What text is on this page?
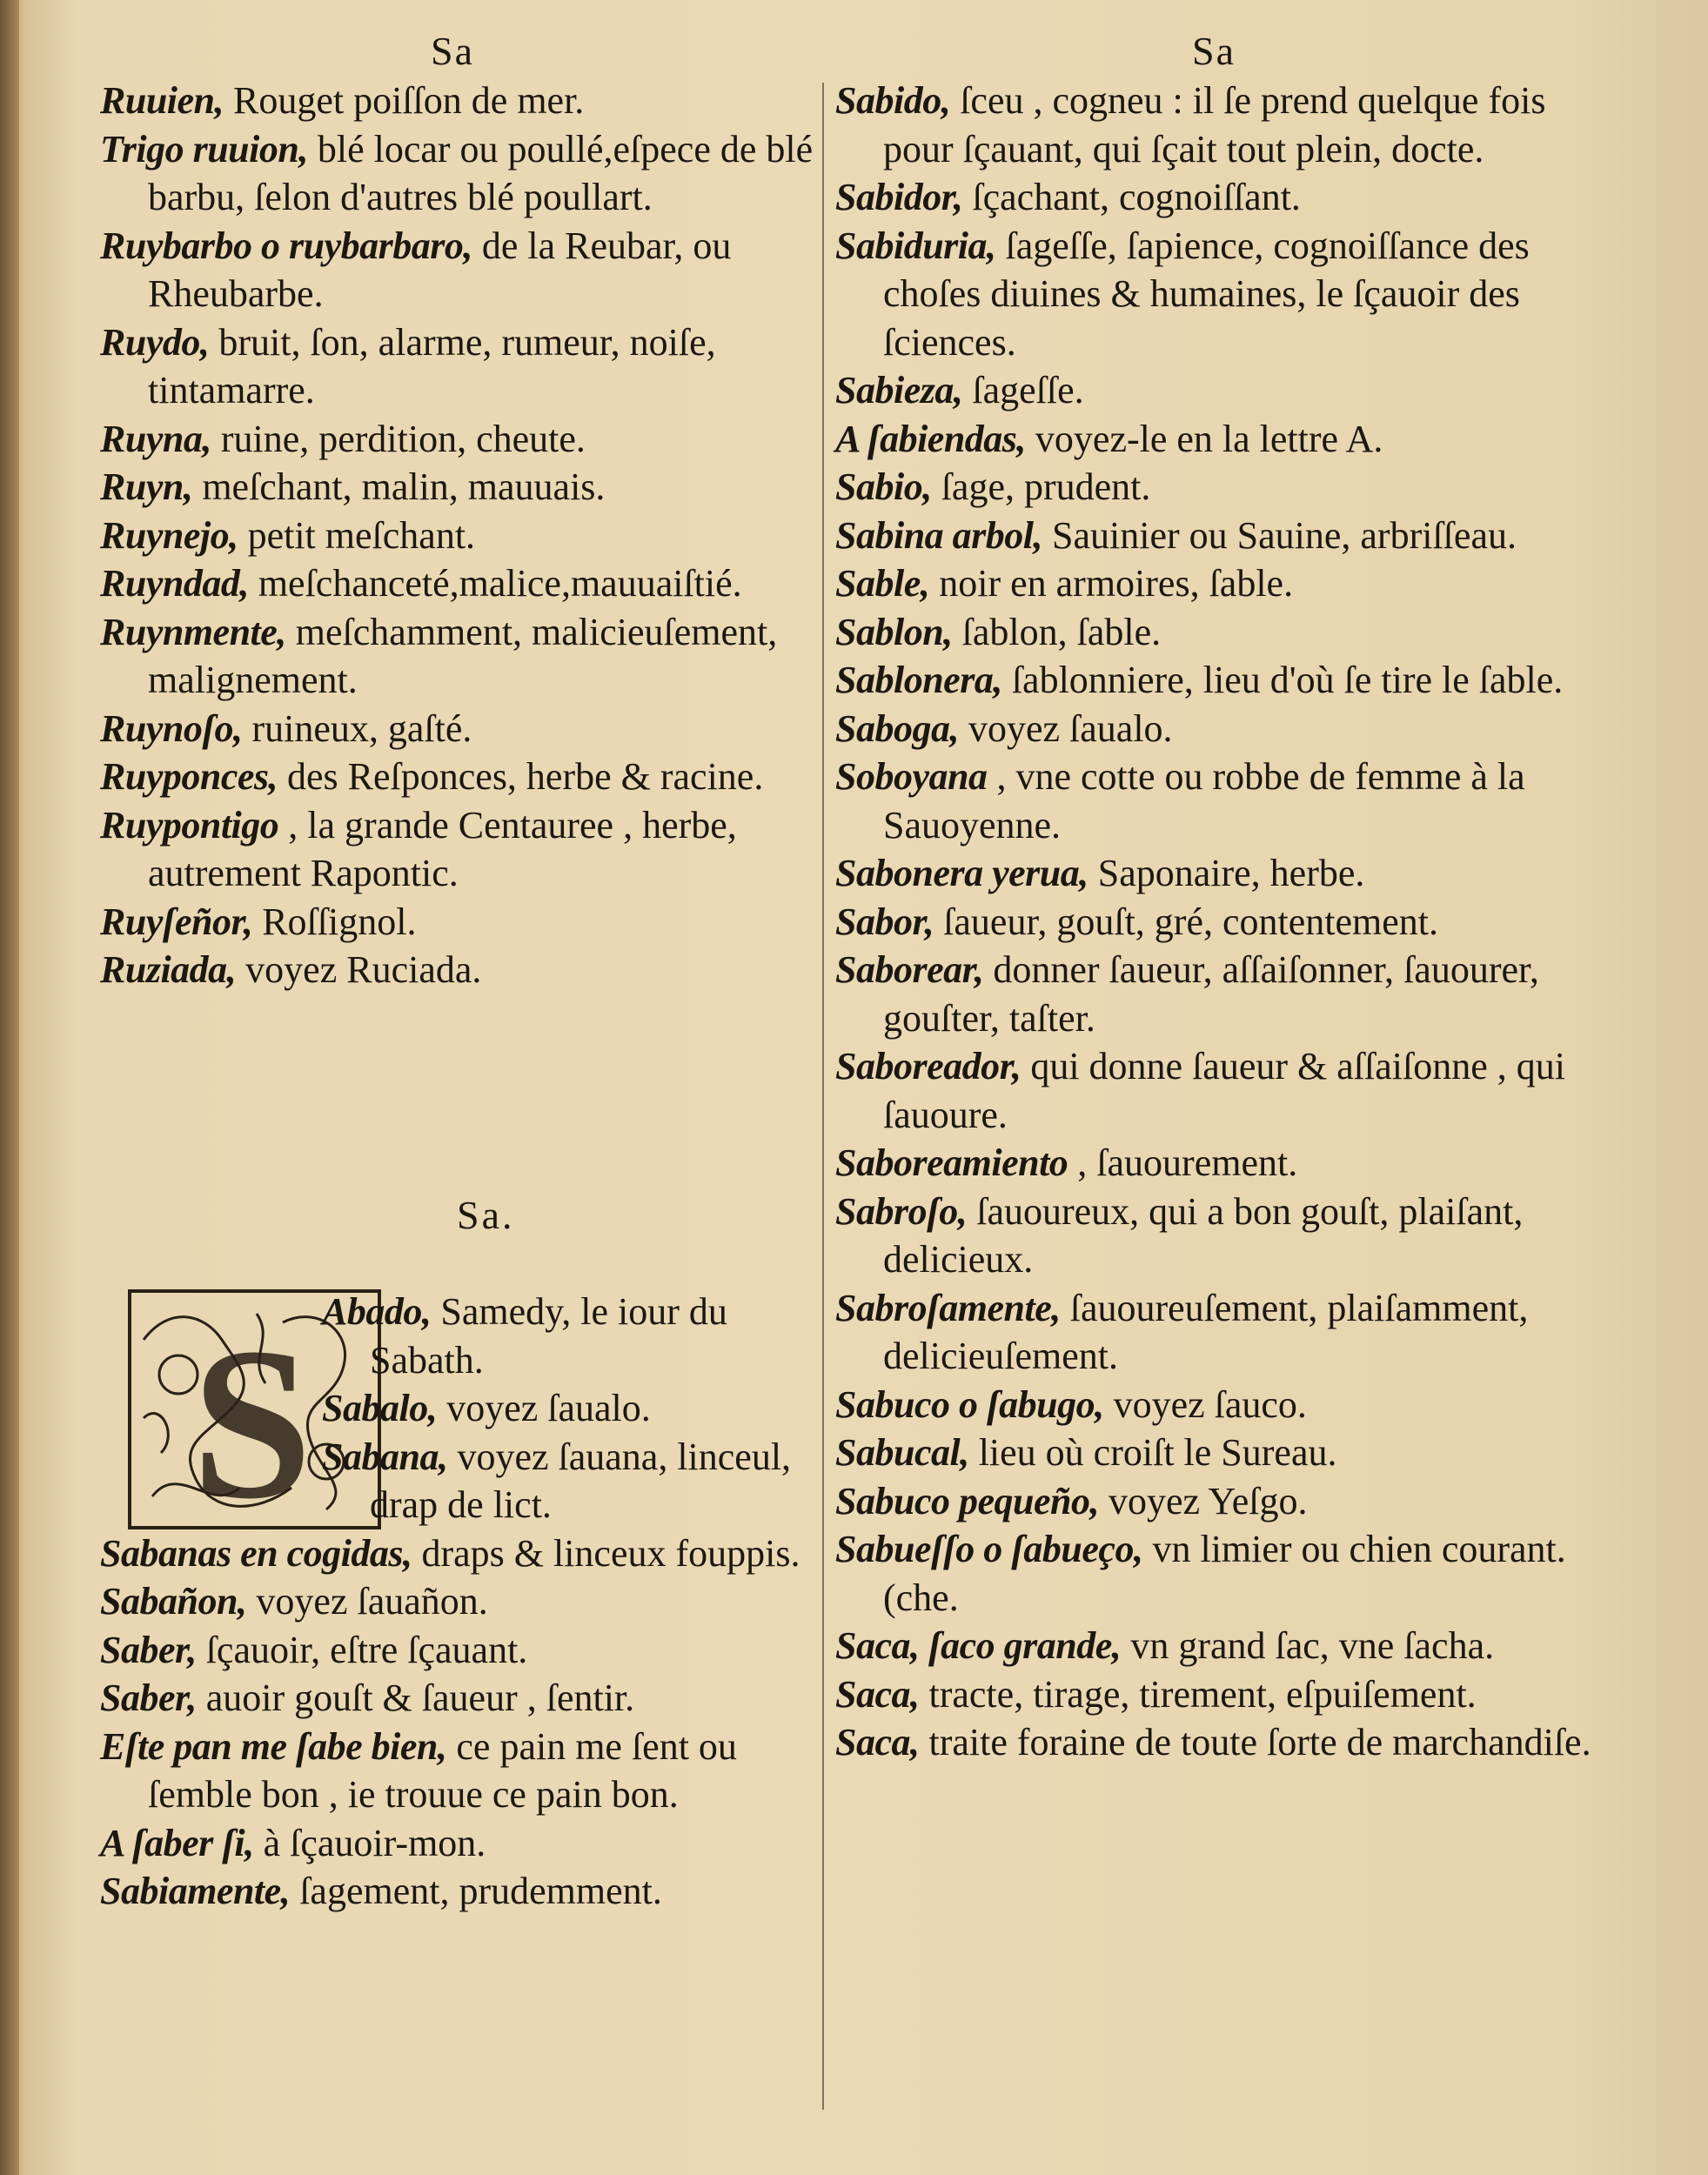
Sa
Ruuien, Rouget poiſſon de mer.
Trigo ruuion, blé locar ou poullé,eſpece de blé barbu, ſelon d'autres blé poullart.
Ruybarbo o ruybarbaro, de la Reubar, ou Rheubarbe.
Ruydo, bruit, ſon, alarme, rumeur, noiſe, tintamarre.
Ruyna, ruine, perdition, cheute.
Ruyn, meſchant, malin, mauuais.
Ruynejo, petit meſchant.
Ruyndad, meſchanceté,malice,mauuaiſtié.
Ruynmente, meſchamment, malicieuſement, malignement.
Ruynoſo, ruineux, gaſté.
Ruyponces, des Reſponces, herbe & racine.
Ruypontigo , la grande Centauree , herbe, autrement Rapontic.
Ruyſeñor, Roſſignol.
Ruziada, voyez Ruciada.
Sa.
S Abado, Samedy, le iour du Sabath.
Sabalo, voyez ſaualo.
Sabana, voyez ſauana, linceul, drap de lict.
Sabanas en cogidas, draps & linceux fouppis.
Sabañon, voyez ſauañon.
Saber, ſçauoir, eſtre ſçauant.
Saber, auoir gouſt & ſaueur , ſentir.
Eſte pan me ſabe bien, ce pain me ſent ou ſemble bon , ie trouue ce pain bon.
A ſaber ſi, à ſçauoir-mon.
Sabiamente, ſagement, prudemment.
Sa
Sabido, ſceu , cogneu : il ſe prend quelque fois pour ſçauant, qui ſçait tout plein, docte.
Sabidor, ſçachant, cognoiſſant.
Sabiduria, ſageſſe, ſapience, cognoiſſance des choſes diuines & humaines, le ſçauoir des ſciences.
Sabieza, ſageſſe.
A ſabiendas, voyez-le en la lettre A.
Sabio, ſage, prudent.
Sabina arbol, Sauinier ou Sauine, arbriſſeau.
Sable, noir en armoires, ſable.
Sablon, ſablon, ſable.
Sablonera, ſablonniere, lieu d'où ſe tire le ſable.
Saboga, voyez ſaualo.
Soboyana , vne cotte ou robbe de femme à la Sauoyenne.
Sabonera yerua, Saponaire, herbe.
Sabor, ſaueur, gouſt, gré, contentement.
Saborear, donner ſaueur, aſſaiſonner, ſauourer, gouſter, taſter.
Saboreador, qui donne ſaueur & aſſaiſonne , qui ſauoure.
Saboreamiento , ſauourement.
Sabroſo, ſauoureux, qui a bon gouſt, plaiſant, delicieux.
Sabroſamente, ſauoureuſement, plaiſamment, delicieuſement.
Sabuco o ſabugo, voyez ſauco.
Sabucal, lieu où croiſt le Sureau.
Sabuco pequeño, voyez Yeſgo.
Sabueſſo o ſabueço, vn limier ou chien courant. (che.
Saca, ſaco grande, vn grand ſac, vne ſacha.
Saca, tracte, tirage, tirement, eſpuiſement.
Saca, traite foraine de toute ſorte de marchandiſe.
